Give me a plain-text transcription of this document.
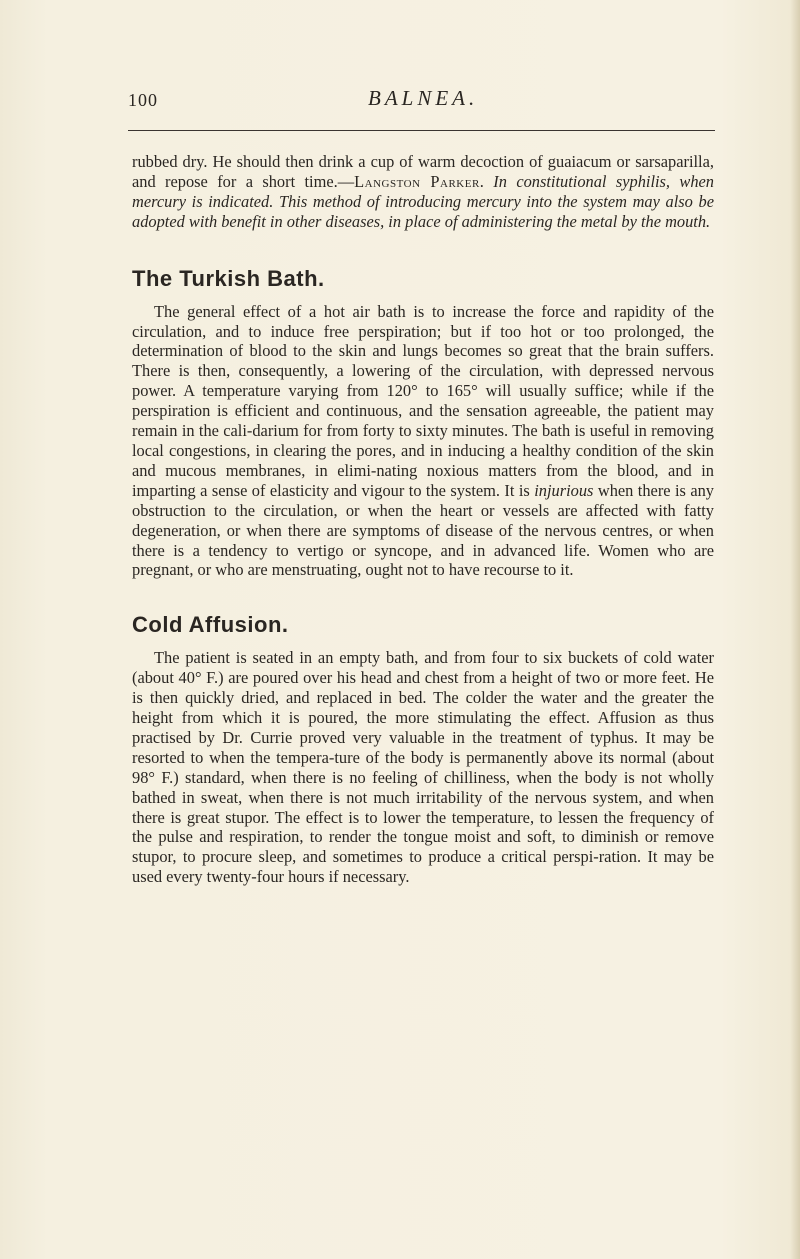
100	BALNEA.

rubbed dry. He should then drink a cup of warm decoction of guaiacum or sarsaparilla, and repose for a short time.—Langston Parker. In constitutional syphilis, when mercury is indicated. This method of introducing mercury into the system may also be adopted with benefit in other diseases, in place of administering the metal by the mouth.

The Turkish Bath.

The general effect of a hot air bath is to increase the force and rapidity of the circulation, and to induce free perspiration; but if too hot or too prolonged, the determination of blood to the skin and lungs becomes so great that the brain suffers. There is then, consequently, a lowering of the circulation, with depressed nervous power. A temperature varying from 120° to 165° will usually suffice; while if the perspiration is efficient and continuous, and the sensation agreeable, the patient may remain in the cali-darium for from forty to sixty minutes. The bath is useful in removing local congestions, in clearing the pores, and in inducing a healthy condition of the skin and mucous membranes, in elimi-nating noxious matters from the blood, and in imparting a sense of elasticity and vigour to the system. It is injurious when there is any obstruction to the circulation, or when the heart or vessels are affected with fatty degeneration, or when there are symptoms of disease of the nervous centres, or when there is a tendency to vertigo or syncope, and in advanced life. Women who are pregnant, or who are menstruating, ought not to have recourse to it.

Cold Affusion.

The patient is seated in an empty bath, and from four to six buckets of cold water (about 40° F.) are poured over his head and chest from a height of two or more feet. He is then quickly dried, and replaced in bed. The colder the water and the greater the height from which it is poured, the more stimulating the effect. Affusion as thus practised by Dr. Currie proved very valuable in the treatment of typhus. It may be resorted to when the tempera-ture of the body is permanently above its normal (about 98° F.) standard, when there is no feeling of chilliness, when the body is not wholly bathed in sweat, when there is not much irritability of the nervous system, and when there is great stupor. The effect is to lower the temperature, to lessen the frequency of the pulse and respiration, to render the tongue moist and soft, to diminish or remove stupor, to procure sleep, and sometimes to produce a critical perspi-ration. It may be used every twenty-four hours if necessary.
